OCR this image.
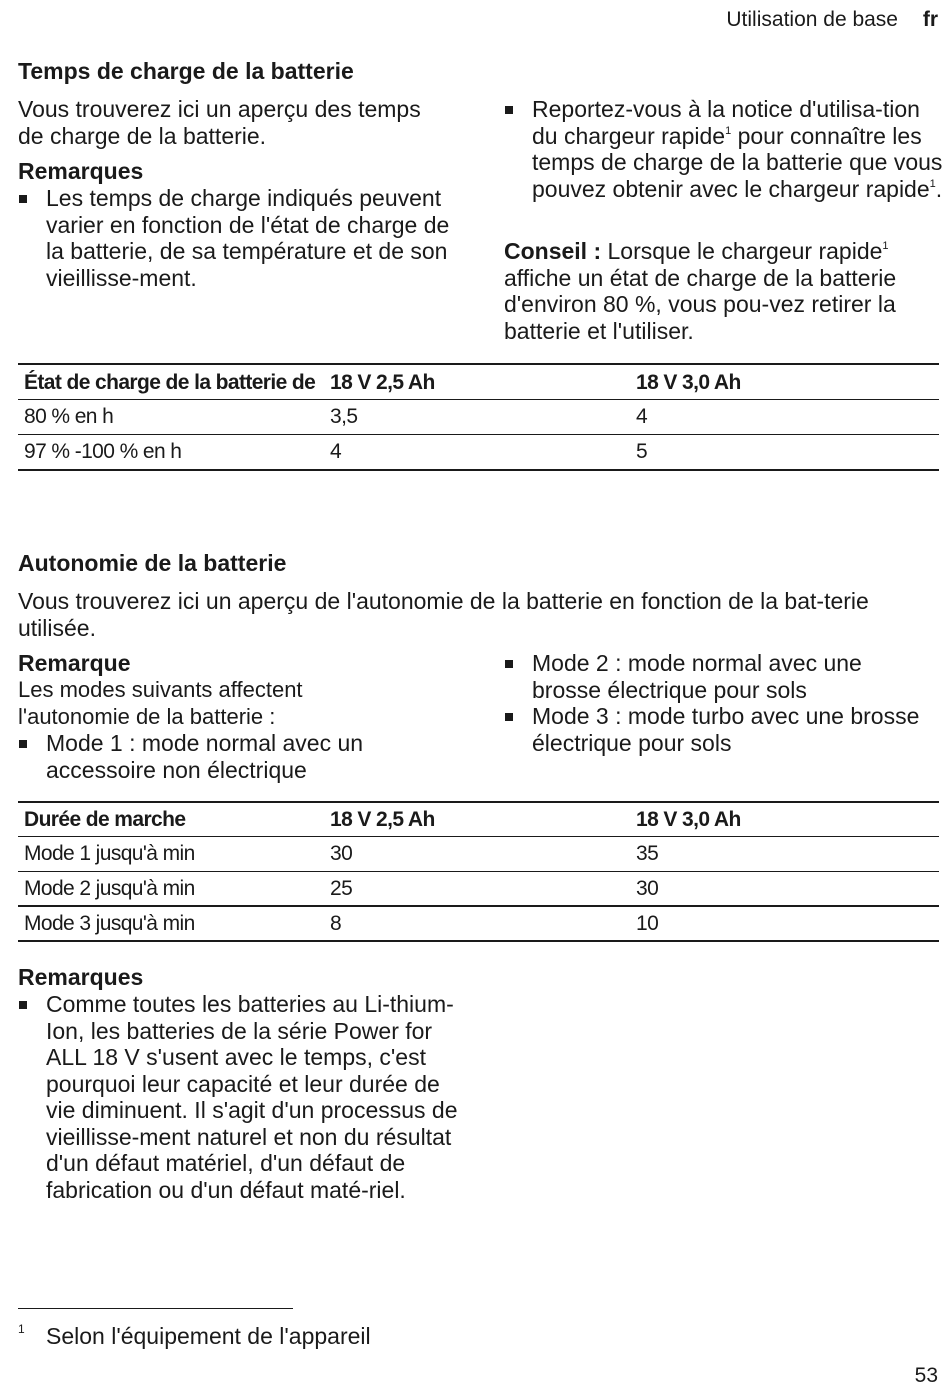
Utilisation de base fr
Temps de charge de la batterie
Vous trouverez ici un aperçu des temps de charge de la batterie.
Remarques
Les temps de charge indiqués peuvent varier en fonction de l'état de charge de la batterie, de sa température et de son vieillisse-ment.
Reportez-vous à la notice d'utilisa-tion du chargeur rapide$^1$ pour connaître les temps de charge de la batterie que vous pouvez obtenir avec le chargeur rapide$^1$.
Conseil : Lorsque le chargeur rapide$^1$ affiche un état de charge de la batterie d'environ 80 %, vous pou-vez retirer la batterie et l'utiliser.
État de charge de la batterie de	18 V 2,5 Ah	18 V 3,0 Ah
80 % en h	3,5	4
97 % -100 % en h	4	5
Autonomie de la batterie
Vous trouverez ici un aperçu de l'autonomie de la batterie en fonction de la bat-terie utilisée.
Remarque
Les modes suivants affectent l'autonomie de la batterie :
Mode 1 : mode normal avec un accessoire non électrique
Mode 2 : mode normal avec une brosse électrique pour sols
Mode 3 : mode turbo avec une brosse électrique pour sols
Durée de marche	18 V 2,5 Ah	18 V 3,0 Ah
Mode 1 jusqu'à min	30	35
Mode 2 jusqu'à min	25	30
Mode 3 jusqu'à min	8	10
Remarques
Comme toutes les batteries au Li-thium-Ion, les batteries de la série Power for ALL 18 V s'usent avec le temps, c'est pourquoi leur capacité et leur durée de vie diminuent. Il s'agit d'un processus de vieillisse-ment naturel et non du résultat d'un défaut matériel, d'un défaut de fabrication ou d'un défaut maté-riel.
1 Selon l'équipement de l'appareil
53
